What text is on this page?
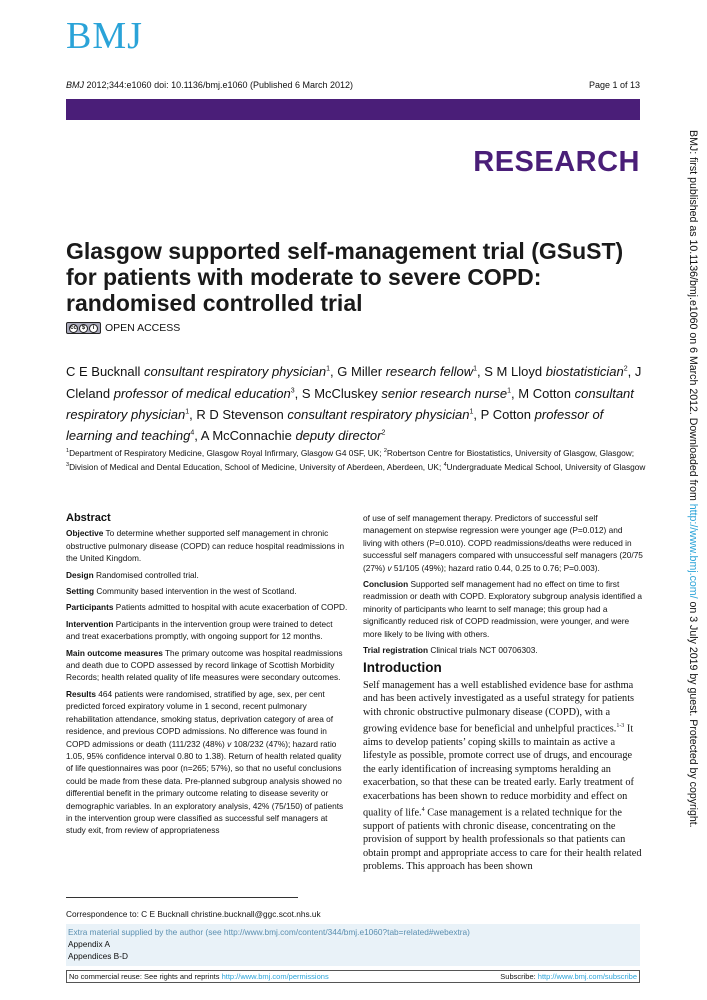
BMJ
BMJ 2012;344:e1060 doi: 10.1136/bmj.e1060 (Published 6 March 2012)	Page 1 of 13
RESEARCH
Glasgow supported self-management trial (GSuST) for patients with moderate to severe COPD: randomised controlled trial
cc $	i	OPEN ACCESS
C E Bucknall consultant respiratory physician$^1$, G Miller research fellow$^1$, S M Lloyd biostatistician$^2$, J Cleland professor of medical education$^3$, S McCluskey senior research nurse$^1$, M Cotton consultant respiratory physician$^1$, R D Stevenson consultant respiratory physician$^1$, P Cotton professor of learning and teaching$^4$, A McConnachie deputy director$^2$
$^1$Department of Respiratory Medicine, Glasgow Royal Infirmary, Glasgow G4 0SF, UK; $^2$Robertson Centre for Biostatistics, University of Glasgow, Glasgow; $^3$Division of Medical and Dental Education, School of Medicine, University of Aberdeen, Aberdeen, UK; $^4$Undergraduate Medical School, University of Glasgow
Abstract

Objective To determine whether supported self management in chronic obstructive pulmonary disease (COPD) can reduce hospital readmissions in the United Kingdom.

Design Randomised controlled trial.

Setting Community based intervention in the west of Scotland.

Participants Patients admitted to hospital with acute exacerbation of COPD.

Intervention Participants in the intervention group were trained to detect and treat exacerbations promptly, with ongoing support for 12 months.

Main outcome measures The primary outcome was hospital readmissions and death due to COPD assessed by record linkage of Scottish Morbidity Records; health related quality of life measures were secondary outcomes.

Results 464 patients were randomised, stratified by age, sex, per cent predicted forced expiratory volume in 1 second, recent pulmonary rehabilitation attendance, smoking status, deprivation category of area of residence, and previous COPD admissions. No difference was found in COPD admissions or death (111/232 (48%) v 108/232 (47%); hazard ratio 1.05, 95% confidence interval 0.80 to 1.38). Return of health related quality of life questionnaires was poor (n=265; 57%), so that no useful conclusions could be made from these data. Pre-planned subgroup analysis showed no differential benefit in the primary outcome relating to disease severity or demographic variables. In an exploratory analysis, 42% (75/150) of patients in the intervention group were classified as successful self managers at study exit, from review of appropriateness

of use of self management therapy. Predictors of successful self management on stepwise regression were younger age (P=0.012) and living with others (P=0.010). COPD readmissions/deaths were reduced in successful self managers compared with unsuccessful self managers (20/75 (27%) v 51/105 (49%); hazard ratio 0.44, 0.25 to 0.76; P=0.003).

Conclusion Supported self management had no effect on time to first readmission or death with COPD. Exploratory subgroup analysis identified a minority of participants who learnt to self manage; this group had a significantly reduced risk of COPD readmission, were younger, and were more likely to be living with others.

Trial registration Clinical trials NCT 00706303.

Introduction

Self management has a well established evidence base for asthma and has been actively investigated as a useful strategy for patients with chronic obstructive pulmonary disease (COPD), with a growing evidence base for beneficial and unhelpful practices.$^{1-3}$ It aims to develop patients’ coping skills to maintain as active a lifestyle as possible, promote correct use of drugs, and encourage the early identification of increasing symptoms heralding an exacerbation, so that these can be treated early. Early treatment of exacerbations has been shown to reduce morbidity and effect on quality of life.$^4$ Case management is a related technique for the support of patients with chronic disease, concentrating on the provision of support by health professionals so that patients can obtain prompt and appropriate access to care for their health related problems. This approach has been shown

Correspondence to: C E Bucknall christine.bucknall@ggc.scot.nhs.uk
Extra material supplied by the author (see http://www.bmj.com/content/344/bmj.e1060?tab=related#webextra)
Appendix A
Appendices B-D
No commercial reuse: See rights and reprints http://www.bmj.com/permissions	Subscribe: http://www.bmj.com/subscribe
BMJ: first published as 10.1136/bmj.e1060 on 6 March 2012. Downloaded from http://www.bmj.com/ on 3 July 2019 by guest. Protected by copyright.
